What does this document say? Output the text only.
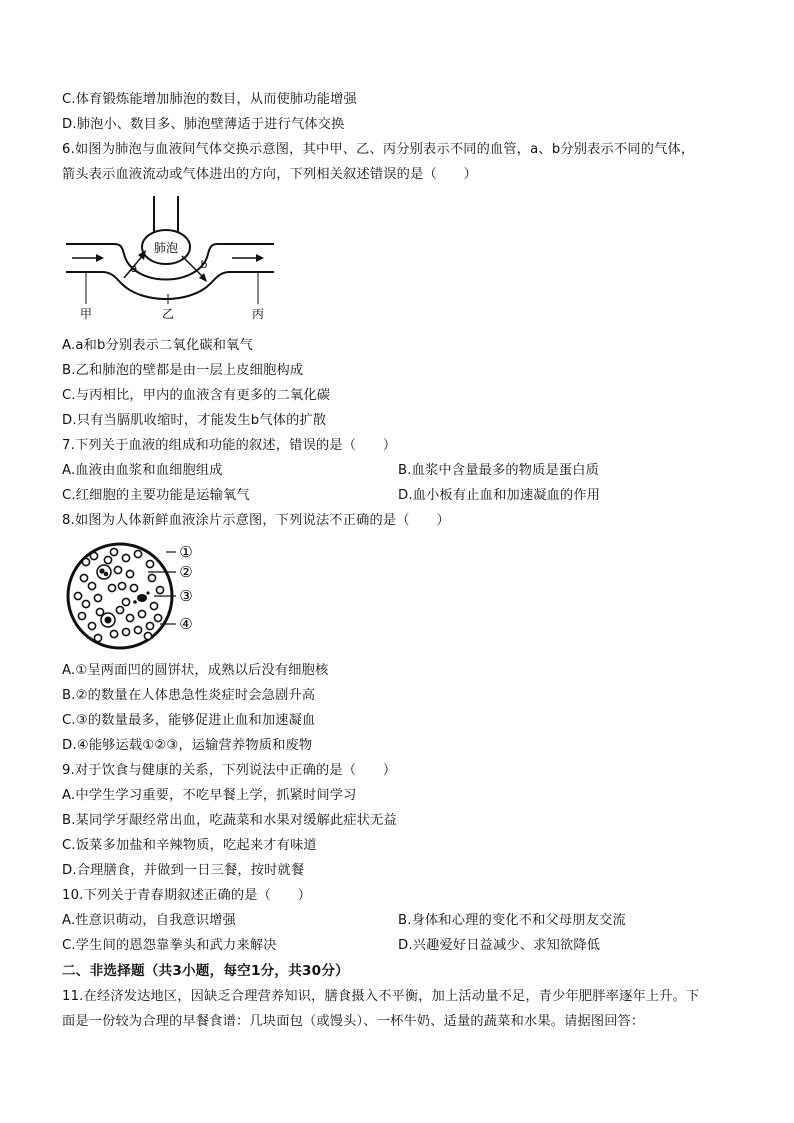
C.体育锻炼能增加肺泡的数目，从而使肺功能增强
D.肺泡小、数目多、肺泡壁薄适于进行气体交换
6.如图为肺泡与血液间气体交换示意图，其中甲、乙、丙分别表示不同的血管，a、b分别表示不同的气体，
箭头表示血液流动或气体进出的方向，下列相关叙述错误的是（　　）
肺泡
a	b
甲	乙	丙
A.a和b分别表示二氧化碳和氧气
B.乙和肺泡的壁都是由一层上皮细胞构成
C.与丙相比，甲内的血液含有更多的二氧化碳
D.只有当膈肌收缩时，才能发生b气体的扩散
7.下列关于血液的组成和功能的叙述，错误的是（　　）
A.血液由血浆和血细胞组成	B.血浆中含量最多的物质是蛋白质
C.红细胞的主要功能是运输氧气	D.血小板有止血和加速凝血的作用
8.如图为人体新鲜血液涂片示意图，下列说法不正确的是（　　）
①
②
③
④
A.①呈两面凹的圆饼状，成熟以后没有细胞核
B.②的数量在人体患急性炎症时会急剧升高
C.③的数量最多，能够促进止血和加速凝血
D.④能够运载①②③，运输营养物质和废物
9.对于饮食与健康的关系，下列说法中正确的是（　　）
A.中学生学习重要，不吃早餐上学，抓紧时间学习
B.某同学牙龈经常出血，吃蔬菜和水果对缓解此症状无益
C.饭菜多加盐和辛辣物质，吃起来才有味道
D.合理膳食，并做到一日三餐，按时就餐
10.下列关于青春期叙述正确的是（　　）
A.性意识萌动，自我意识增强	B.身体和心理的变化不和父母朋友交流
C.学生间的恩怨靠拳头和武力来解决	D.兴趣爱好日益减少、求知欲降低
二、非选择题（共3小题，每空1分，共30分）
11.在经济发达地区，因缺乏合理营养知识，膳食摄入不平衡，加上活动量不足，青少年肥胖率逐年上升。下
面是一份较为合理的早餐食谱：几块面包（或馒头）、一杯牛奶、适量的蔬菜和水果。请据图回答：
